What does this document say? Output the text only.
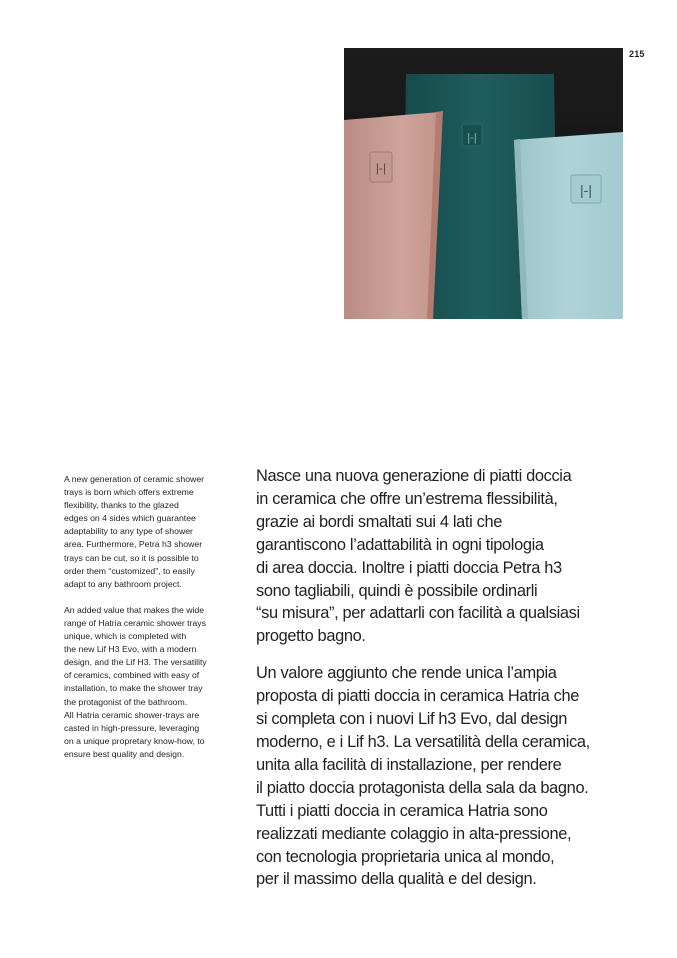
215
|-|
|-|
|-|

A new generation of ceramic shower
trays is born which offers extreme
flexibility, thanks to the glazed
edges on 4 sides which guarantee
adaptability to any type of shower
area. Furthermore, Petra h3 shower
trays can be cut, so it is possible to
order them “customized”, to easily
adapt to any bathroom project.

An added value that makes the wide
range of Hatria ceramic shower trays
unique, which is completed with
the new Lif H3 Evo, with a modern
design, and the Lif H3. The versatility
of ceramics, combined with easy of
installation, to make the shower tray
the protagonist of the bathroom.
All Hatria ceramic shower-trays are
casted in high-pressure, leveraging
on a unique propretary know-how, to
ensure best quality and design.

Nasce una nuova generazione di piatti doccia
in ceramica che offre un’estrema flessibilità,
grazie ai bordi smaltati sui 4 lati che
garantiscono l’adattabilità in ogni tipologia
di area doccia. Inoltre i piatti doccia Petra h3
sono tagliabili, quindi è possibile ordinarli
“su misura”, per adattarli con facilità a qualsiasi
progetto bagno.

Un valore aggiunto che rende unica l’ampia
proposta di piatti doccia in ceramica Hatria che
si completa con i nuovi Lif h3 Evo, dal design
moderno, e i Lif h3. La versatilità della ceramica,
unita alla facilità di installazione, per rendere
il piatto doccia protagonista della sala da bagno.
Tutti i piatti doccia in ceramica Hatria sono
realizzati mediante colaggio in alta-pressione,
con tecnologia proprietaria unica al mondo,
per il massimo della qualità e del design.
